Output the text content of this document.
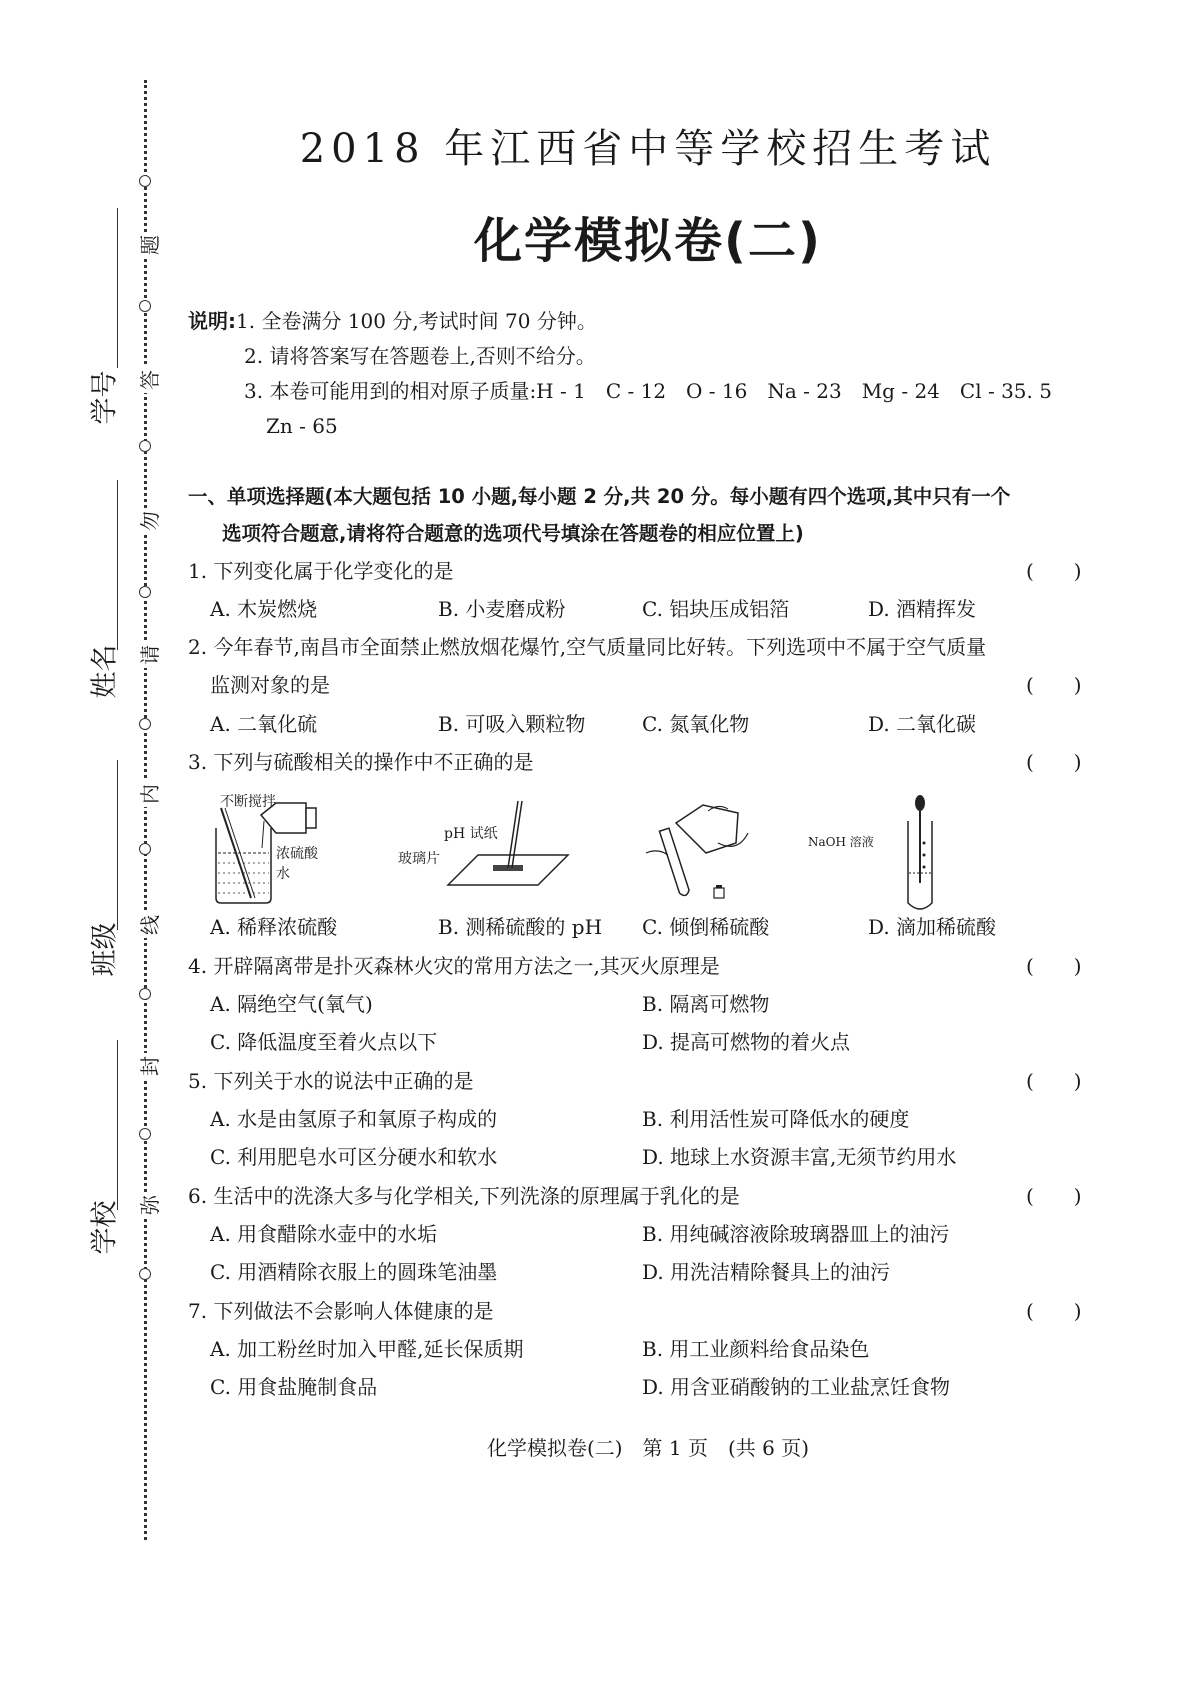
题
答
勿
请
内
线
封
弥
学号
姓名
班级
学校
2018 年江西省中等学校招生考试
化学模拟卷(二)
说明:1. 全卷满分 100 分,考试时间 70 分钟。
2. 请将答案写在答题卷上,否则不给分。
3. 本卷可能用到的相对原子质量:H - 1　C - 12　O - 16　Na - 23　Mg - 24　Cl - 35. 5
Zn - 65
一、单项选择题(本大题包括 10 小题,每小题 2 分,共 20 分。每小题有四个选项,其中只有一个
选项符合题意,请将符合题意的选项代号填涂在答题卷的相应位置上)
1. 下列变化属于化学变化的是	(　　)
A. 木炭燃烧	B. 小麦磨成粉	C. 铝块压成铝箔	D. 酒精挥发
2. 今年春节,南昌市全面禁止燃放烟花爆竹,空气质量同比好转。下列选项中不属于空气质量
监测对象的是	(　　)
A. 二氧化硫	B. 可吸入颗粒物	C. 氮氧化物	D. 二氧化碳
3. 下列与硫酸相关的操作中不正确的是	(　　)
不断搅拌
浓硫酸
水
pH 试纸
玻璃片
NaOH 溶液
A. 稀释浓硫酸	B. 测稀硫酸的 pH C. 倾倒稀硫酸	D. 滴加稀硫酸
4. 开辟隔离带是扑灭森林火灾的常用方法之一,其灭火原理是	(　　)
A. 隔绝空气(氧气)	B. 隔离可燃物
C. 降低温度至着火点以下	D. 提高可燃物的着火点
5. 下列关于水的说法中正确的是	(　　)
A. 水是由氢原子和氧原子构成的	B. 利用活性炭可降低水的硬度
C. 利用肥皂水可区分硬水和软水	D. 地球上水资源丰富,无须节约用水
6. 生活中的洗涤大多与化学相关,下列洗涤的原理属于乳化的是	(　　)
A. 用食醋除水壶中的水垢	B. 用纯碱溶液除玻璃器皿上的油污
C. 用酒精除衣服上的圆珠笔油墨	D. 用洗洁精除餐具上的油污
7. 下列做法不会影响人体健康的是	(　　)
A. 加工粉丝时加入甲醛,延长保质期	B. 用工业颜料给食品染色
C. 用食盐腌制食品	D. 用含亚硝酸钠的工业盐烹饪食物
化学模拟卷(二)　第 1 页　(共 6 页)
